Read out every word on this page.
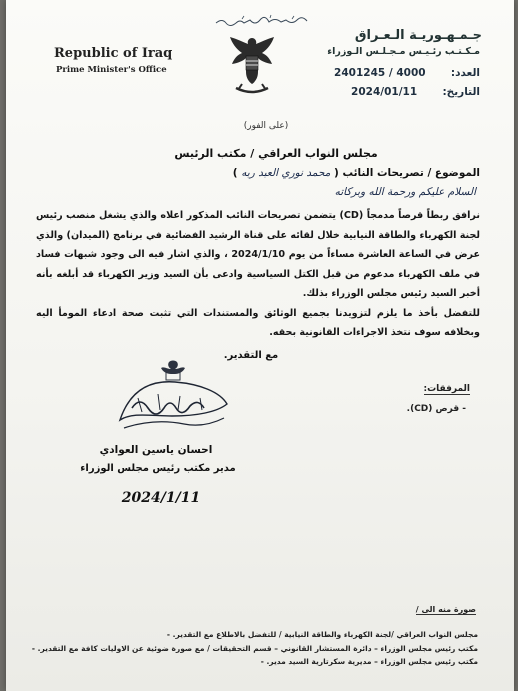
Republic of Iraq
Prime Minister's Office
جـمـهـوريـة الـعـراق
مـكـتـب رئـيـس مـجـلـس الـوزراء
العدد:  2401245 / 4000
التاريخ:  2024/01/11
(على الفور)
مجلس النواب العراقي / مكتب الرئيس
الموضوع / تصريحات النائب ( محمد نوري العبد ربه )
السلام عليكم ورحمة الله وبركاته

نرافق ربطاً قرصاً مدمجاً (CD) يتضمن تصريحات النائب المذكور اعلاه والذي يشغل منصب رئيس لجنة الكهرباء والطاقة النيابية خلال لقائه على قناة الرشيد الفضائية في برنامج (الميدان) والذي عرض في الساعة العاشرة مساءاً من يوم 2024/1/10 ، والذي اشار فيه الى وجود شبهات فساد في ملف الكهرباء مدعوم من قبل الكتل السياسية وادعى بأن السيد وزير الكهرباء قد أبلغه بأنه أخبر السيد رئيس مجلس الوزراء بذلك.

للتفضل بأخذ ما يلزم لتزويدنا بجميع الوثائق والمستندات التي تثبت صحة ادعاء المومأ اليه وبخلافه سوف نتخذ الاجراءات القانونية بحقه.

مع التقدير.
المرفقات:
- قرص (CD).
احسان ياسين العوادي
مدير مكتب رئيس مجلس الوزراء
2024/1/11
صورة منه الى /
مجلس النواب العراقي /لجنة الكهرباء والطاقة النيابية / للتفضل بالاطلاع مع التقدير. -
مكتب رئيس مجلس الوزراء – دائرة المستشار القانوني – قسم التحقيقات / مع صورة ضوئية عن الاوليات كافة مع التقدير. -
مكتب رئيس مجلس الوزراء – مديرية سكرتارية السيد مدير. -
